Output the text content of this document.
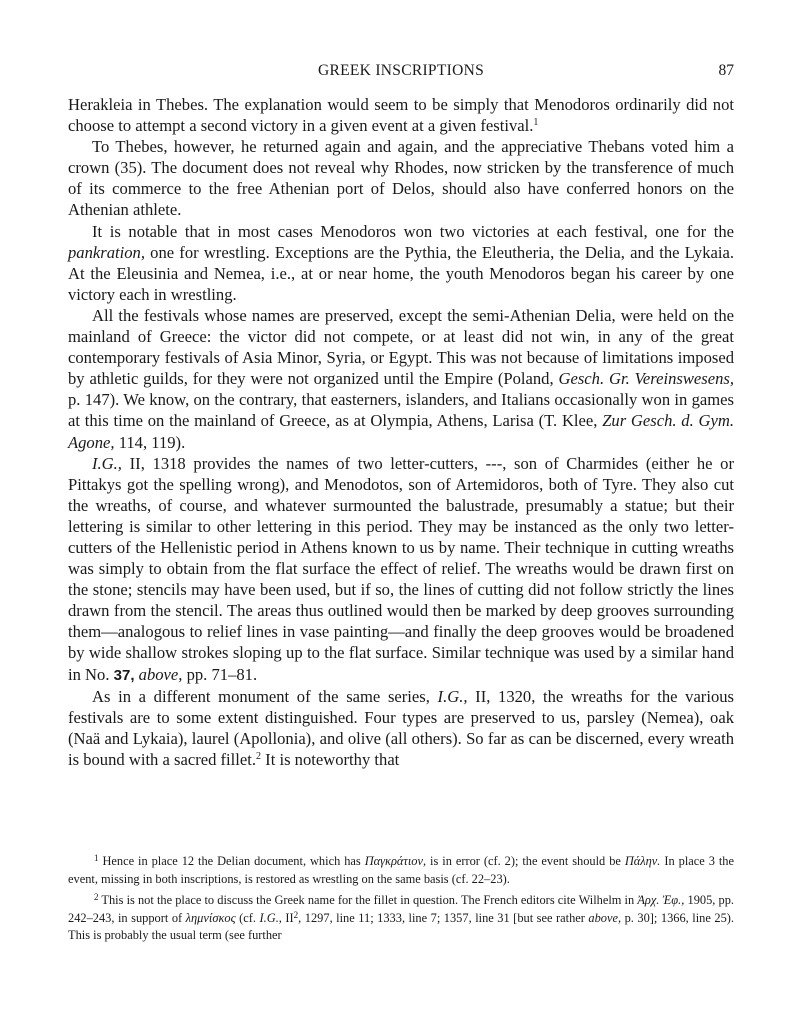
GREEK INSCRIPTIONS	87

Herakleia in Thebes. The explanation would seem to be simply that Menodoros ordinarily did not choose to attempt a second victory in a given event at a given festival.$^1$

To Thebes, however, he returned again and again, and the appreciative Thebans voted him a crown (35). The document does not reveal why Rhodes, now stricken by the transference of much of its commerce to the free Athenian port of Delos, should also have conferred honors on the Athenian athlete.

It is notable that in most cases Menodoros won two victories at each festival, one for the pankration, one for wrestling. Exceptions are the Pythia, the Eleutheria, the Delia, and the Lykaia. At the Eleusinia and Nemea, i.e., at or near home, the youth Menodoros began his career by one victory each in wrestling.

All the festivals whose names are preserved, except the semi-Athenian Delia, were held on the mainland of Greece: the victor did not compete, or at least did not win, in any of the great contemporary festivals of Asia Minor, Syria, or Egypt. This was not because of limitations imposed by athletic guilds, for they were not organized until the Empire (Poland, Gesch. Gr. Vereinswesens, p. 147). We know, on the contrary, that easterners, islanders, and Italians occasionally won in games at this time on the mainland of Greece, as at Olympia, Athens, Larisa (T. Klee, Zur Gesch. d. Gym. Agone, 114, 119).

I.G., II, 1318 provides the names of two letter-cutters, ---, son of Charmides (either he or Pittakys got the spelling wrong), and Menodotos, son of Artemidoros, both of Tyre. They also cut the wreaths, of course, and whatever surmounted the balustrade, presumably a statue; but their lettering is similar to other lettering in this period. They may be instanced as the only two letter-cutters of the Hellenistic period in Athens known to us by name. Their technique in cutting wreaths was simply to obtain from the flat surface the effect of relief. The wreaths would be drawn first on the stone; stencils may have been used, but if so, the lines of cutting did not follow strictly the lines drawn from the stencil. The areas thus outlined would then be marked by deep grooves surrounding them—analogous to relief lines in vase painting—and finally the deep grooves would be broadened by wide shallow strokes sloping up to the flat surface. Similar technique was used by a similar hand in No. 37, above, pp. 71–81.

As in a different monument of the same series, I.G., II, 1320, the wreaths for the various festivals are to some extent distinguished. Four types are preserved to us, parsley (Nemea), oak (Naä and Lykaia), laurel (Apollonia), and olive (all others). So far as can be discerned, every wreath is bound with a sacred fillet.$^2$ It is noteworthy that

$^1$ Hence in place 12 the Delian document, which has Παγκράτιον, is in error (cf. 2); the event should be Πάλην. In place 3 the event, missing in both inscriptions, is restored as wrestling on the same basis (cf. 22–23).

$^2$ This is not the place to discuss the Greek name for the fillet in question. The French editors cite Wilhelm in Ἀρχ. Ἐφ., 1905, pp. 242–243, in support of λημνίσκος (cf. I.G., II$^2$, 1297, line 11; 1333, line 7; 1357, line 31 [but see rather above, p. 30]; 1366, line 25). This is probably the usual term (see further
